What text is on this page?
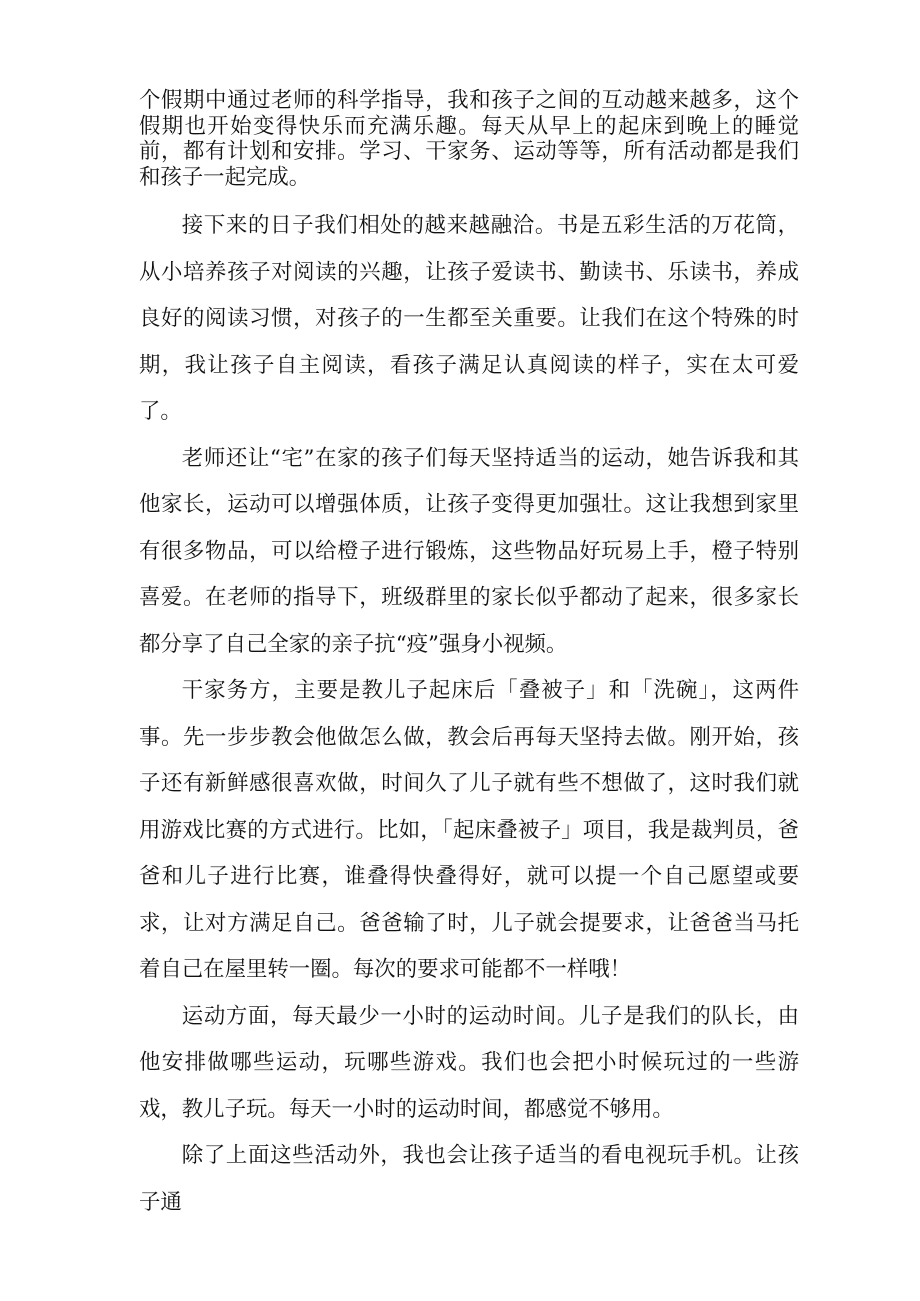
个假期中通过老师的科学指导，我和孩子之间的互动越来越多，这个假期也开始变得快乐而充满乐趣。每天从早上的起床到晚上的睡觉前，都有计划和安排。学习、干家务、运动等等，所有活动都是我们和孩子一起完成。

接下来的日子我们相处的越来越融洽。书是五彩生活的万花筒，从小培养孩子对阅读的兴趣，让孩子爱读书、勤读书、乐读书，养成良好的阅读习惯，对孩子的一生都至关重要。让我们在这个特殊的时期，我让孩子自主阅读，看孩子满足认真阅读的样子，实在太可爱了。

老师还让“宅”在家的孩子们每天坚持适当的运动，她告诉我和其他家长，运动可以增强体质，让孩子变得更加强壮。这让我想到家里有很多物品，可以给橙子进行锻炼，这些物品好玩易上手，橙子特别喜爱。在老师的指导下，班级群里的家长似乎都动了起来，很多家长都分享了自己全家的亲子抗“疫”强身小视频。

干家务方，主要是教儿子起床后「叠被子」和「洗碗」，这两件事。先一步步教会他做怎么做，教会后再每天坚持去做。刚开始，孩子还有新鲜感很喜欢做，时间久了儿子就有些不想做了，这时我们就用游戏比赛的方式进行。比如，「起床叠被子」项目，我是裁判员，爸爸和儿子进行比赛，谁叠得快叠得好，就可以提一个自己愿望或要求，让对方满足自己。爸爸输了时，儿子就会提要求，让爸爸当马托着自己在屋里转一圈。每次的要求可能都不一样哦！

运动方面，每天最少一小时的运动时间。儿子是我们的队长，由他安排做哪些运动，玩哪些游戏。我们也会把小时候玩过的一些游戏，教儿子玩。每天一小时的运动时间，都感觉不够用。

除了上面这些活动外，我也会让孩子适当的看电视玩手机。让孩子通
